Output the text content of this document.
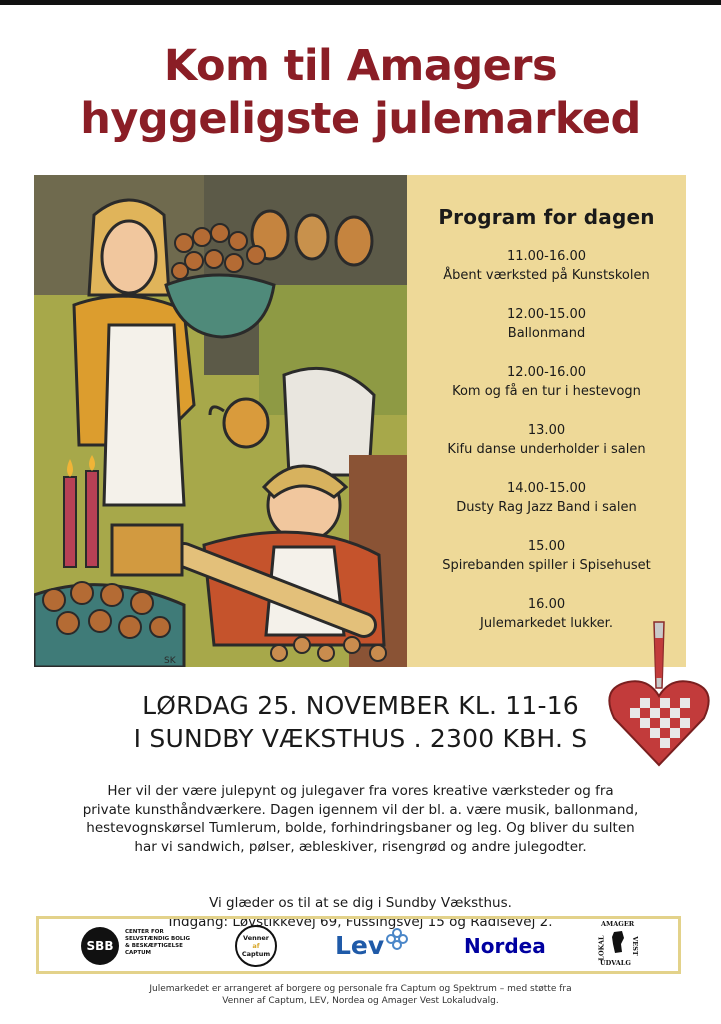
Kom til Amagers
hyggeligste julemarked
SK
Program for dagen
11.00-16.00
Åbent værksted på Kunstskolen
12.00-15.00
Ballonmand
12.00-16.00
Kom og få en tur i hestevogn
13.00
Kifu danse underholder i salen
14.00-15.00
Dusty Rag Jazz Band i salen
15.00
Spirebanden spiller i Spisehuset
16.00
Julemarkedet lukker.
LØRDAG 25. NOVEMBER KL. 11-16
I SUNDBY VÆKSTHUS . 2300 KBH. S

Her vil der være julepynt og julegaver fra vores kreative værksteder og fra
private kunsthåndværkere. Dagen igennem vil der bl. a. være musik, ballonmand,
hestevognskørsel Tumlerum, bolde, forhindringsbaner og leg. Og bliver du sulten
har vi sandwich, pølser, æbleskiver, risengrød og andre julegodter.

Vi glæder os til at se dig i Sundby Væksthus.
Indgang: Løvstikkevej 69, Fussingsvej 15 og Radisevej 2.

SBB
CENTER FOR
SELVSTÆNDIG BOLIG
& BESKÆFTIGELSE
CAPTUM
Venner
af
Captum	Lev	Nordea
AMAGER
LOKAL	VEST
UDVALG
Julemarkedet er arrangeret af borgere og personale fra Captum og Spektrum – med støtte fra
Venner af Captum, LEV, Nordea og Amager Vest Lokaludvalg.
